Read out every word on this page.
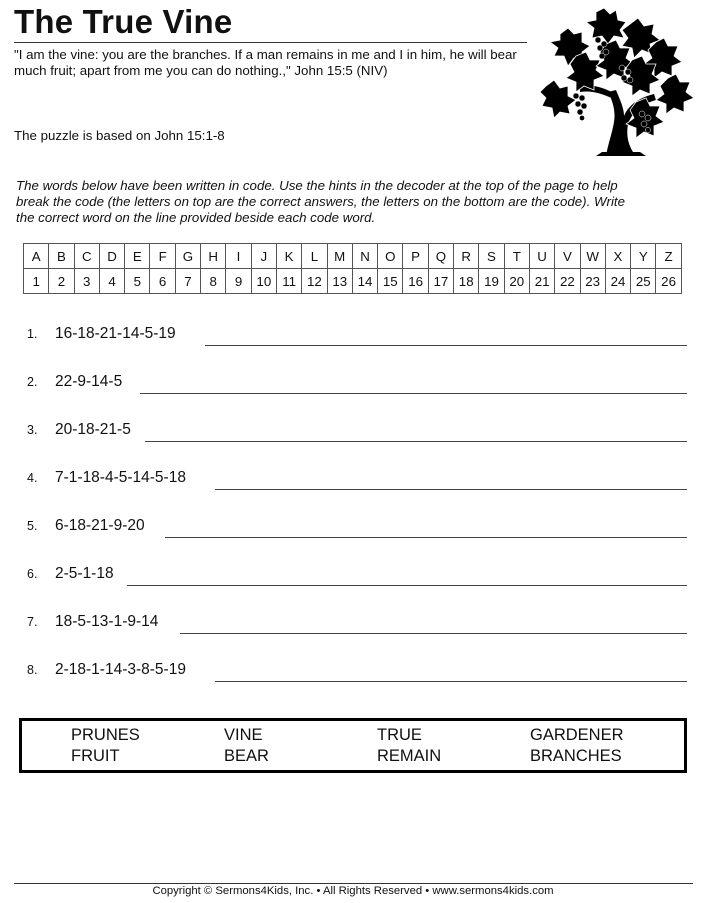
The True Vine
"I am the vine: you are the branches. If a man remains in me and I in him, he will bear much fruit; apart from me you can do nothing.," John 15:5 (NIV)
The puzzle is based on John 15:1-8
The words below have been written in code. Use the hints in the decoder at the top of the page to help break the code (the letters on top are the correct answers, the letters on the bottom are the code). Write the correct word on the line provided beside each code word.
A	B	C	D	E	F	G	H	I	J	K	L	M	N	O	P	Q	R	S	T	U	V	W	X	Y	Z
1	2	3	4	5	6	7	8	9	10	11	12	13	14	15	16	17	18	19	20	21	22	23	24	25	26
1. 16-18-21-14-5-19
2. 22-9-14-5
3. 20-18-21-5
4. 7-1-18-4-5-14-5-18
5. 6-18-21-9-20
6. 2-5-1-18
7. 18-5-13-1-9-14
8. 2-18-1-14-3-8-5-19
PRUNES	VINE	TRUE	GARDENER
FRUIT	BEAR	REMAIN	BRANCHES
Copyright © Sermons4Kids, Inc. • All Rights Reserved • www.sermons4kids.com
